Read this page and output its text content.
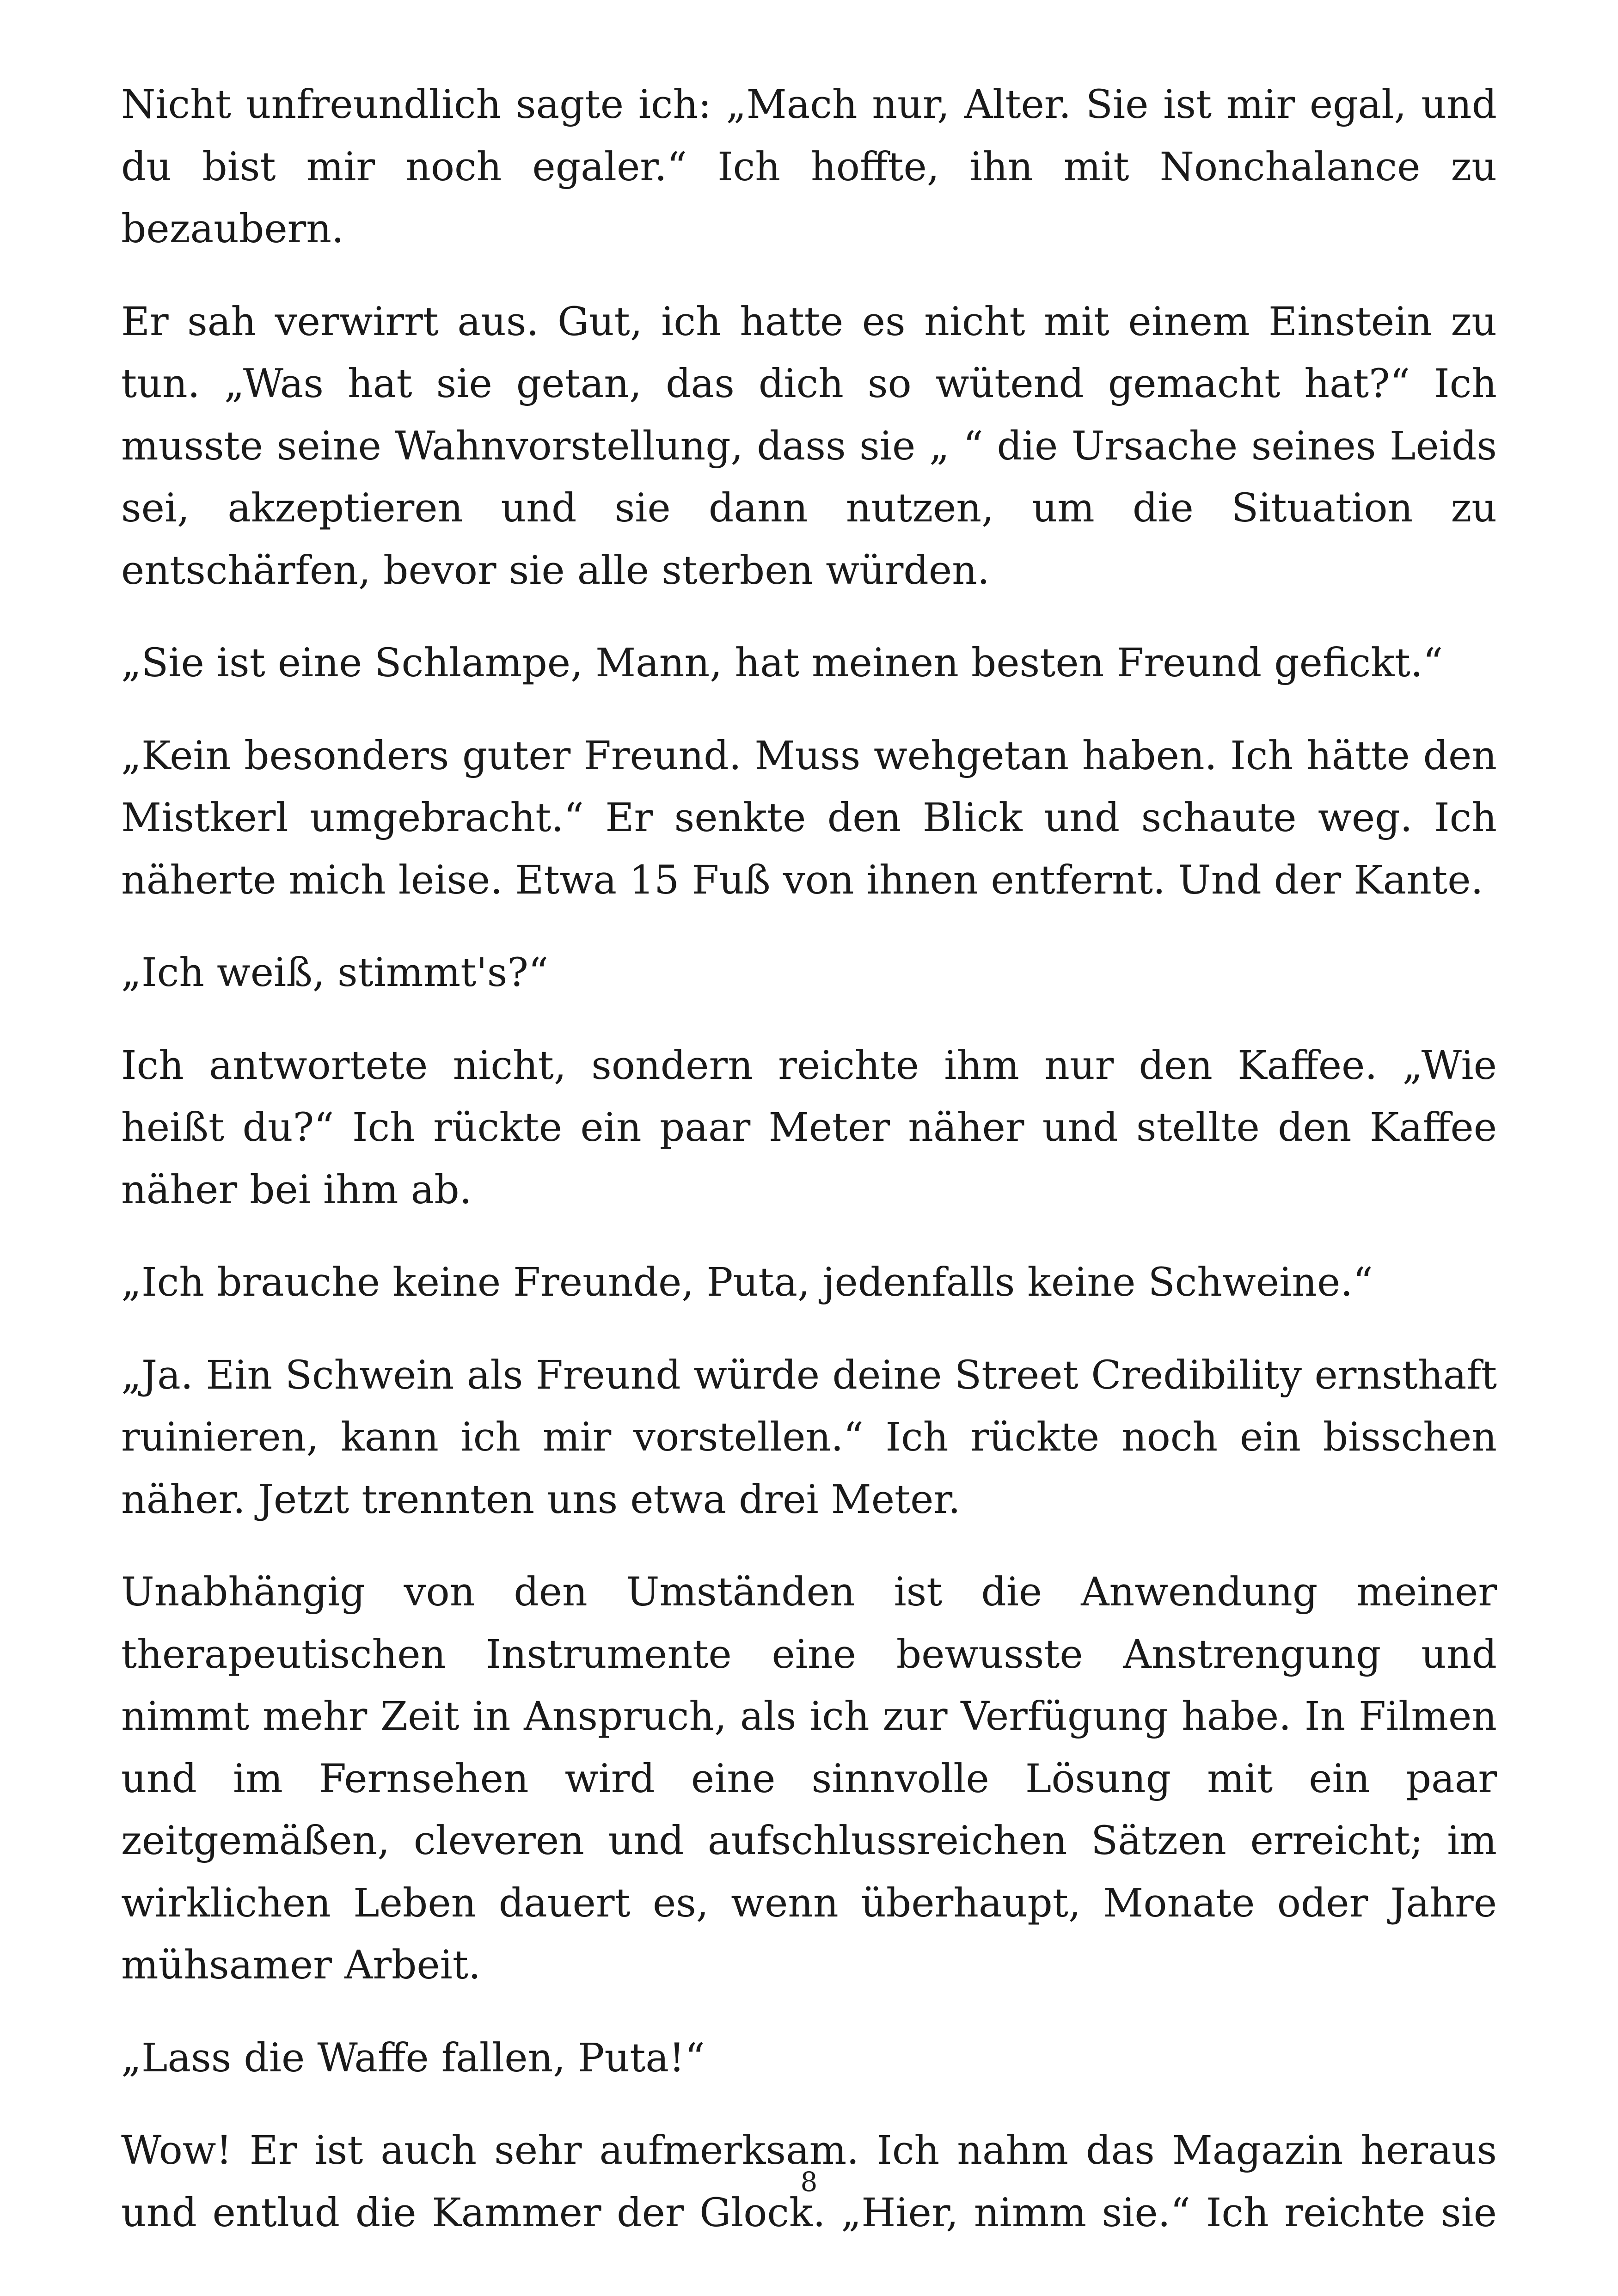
Nicht unfreundlich sagte ich: „Mach nur, Alter. Sie ist mir egal, und du bist mir noch egaler.“ Ich hoffte, ihn mit Nonchalance zu bezaubern.

Er sah verwirrt aus. Gut, ich hatte es nicht mit einem Einstein zu tun. „Was hat sie getan, das dich so wütend gemacht hat?“ Ich musste seine Wahnvorstellung, dass sie „ “ die Ursache seines Leids sei, akzeptieren und sie dann nutzen, um die Situation zu entschärfen, bevor sie alle sterben würden.

„Sie ist eine Schlampe, Mann, hat meinen besten Freund gefickt.“

„Kein besonders guter Freund. Muss wehgetan haben. Ich hätte den Mistkerl umgebracht.“ Er senkte den Blick und schaute weg. Ich näherte mich leise. Etwa 15 Fuß von ihnen entfernt. Und der Kante.

„Ich weiß, stimmt's?“

Ich antwortete nicht, sondern reichte ihm nur den Kaffee. „Wie heißt du?“ Ich rückte ein paar Meter näher und stellte den Kaffee näher bei ihm ab.

„Ich brauche keine Freunde, Puta, jedenfalls keine Schweine.“

„Ja. Ein Schwein als Freund würde deine Street Credibility ernsthaft ruinieren, kann ich mir vorstellen.“ Ich rückte noch ein bisschen näher. Jetzt trennten uns etwa drei Meter.

Unabhängig von den Umständen ist die Anwendung meiner therapeutischen Instrumente eine bewusste Anstrengung und nimmt mehr Zeit in Anspruch, als ich zur Verfügung habe. In Filmen und im Fernsehen wird eine sinnvolle Lösung mit ein paar zeitgemäßen, cleveren und aufschlussreichen Sätzen erreicht; im wirklichen Leben dauert es, wenn überhaupt, Monate oder Jahre mühsamer Arbeit.

„Lass die Waffe fallen, Puta!“

Wow! Er ist auch sehr aufmerksam. Ich nahm das Magazin heraus und entlud die Kammer der Glock. „Hier, nimm sie.“ Ich reichte sie

8
